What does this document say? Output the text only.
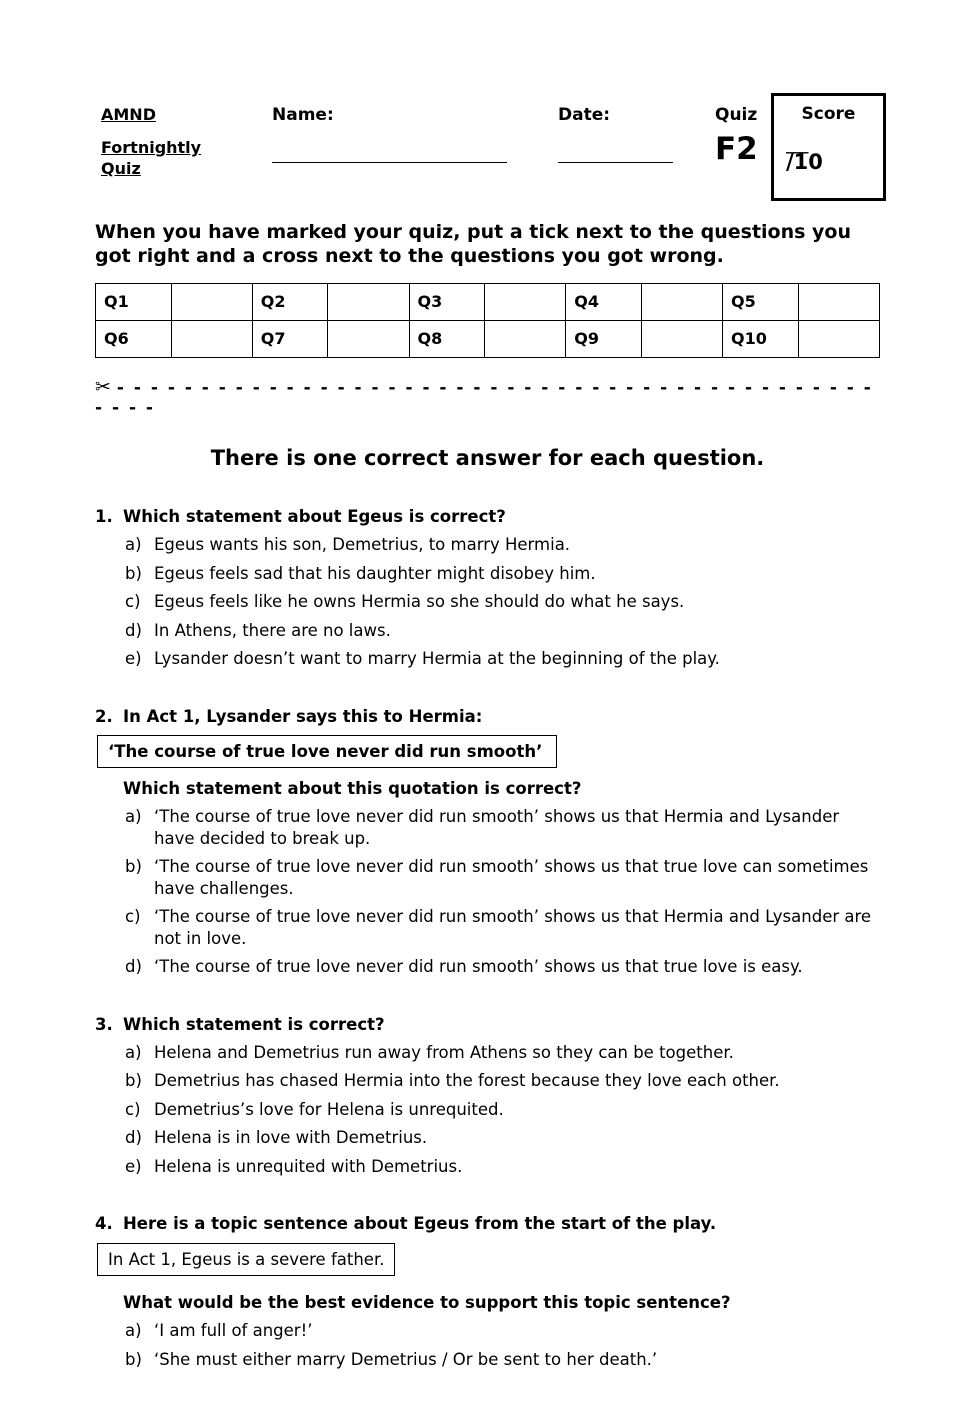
AMND
Fortnightly
Quiz
Name:	Date:	Quiz
F2
Score
___
/10

When you have marked your quiz, put a tick next to the questions you got right and a cross next to the questions you got wrong.

Q1		Q2		Q3		Q4		Q5	
Q6		Q7		Q8		Q9		Q10	
✂ - - - - - - - - - - - - - - - - - - - - - - - - - - - - - - - - - - - - - - - - - - - - -
- - - -
There is one correct answer for each question.
1. Which statement about Egeus is correct?
a) Egeus wants his son, Demetrius, to marry Hermia.
b) Egeus feels sad that his daughter might disobey him.
c) Egeus feels like he owns Hermia so she should do what he says.
d) In Athens, there are no laws.
e) Lysander doesn’t want to marry Hermia at the beginning of the play.
2. In Act 1, Lysander says this to Hermia:
‘The course of true love never did run smooth’
Which statement about this quotation is correct?
a) ‘The course of true love never did run smooth’ shows us that Hermia and Lysander have decided to break up.
b) ‘The course of true love never did run smooth’ shows us that true love can sometimes have challenges.
c) ‘The course of true love never did run smooth’ shows us that Hermia and Lysander are not in love.
d) ‘The course of true love never did run smooth’ shows us that true love is easy.
3. Which statement is correct?
a) Helena and Demetrius run away from Athens so they can be together.
b) Demetrius has chased Hermia into the forest because they love each other.
c) Demetrius’s love for Helena is unrequited.
d) Helena is in love with Demetrius.
e) Helena is unrequited with Demetrius.
4. Here is a topic sentence about Egeus from the start of the play.
In Act 1, Egeus is a severe father.
What would be the best evidence to support this topic sentence?
a) ‘I am full of anger!’
b) ‘She must either marry Demetrius / Or be sent to her death.’
